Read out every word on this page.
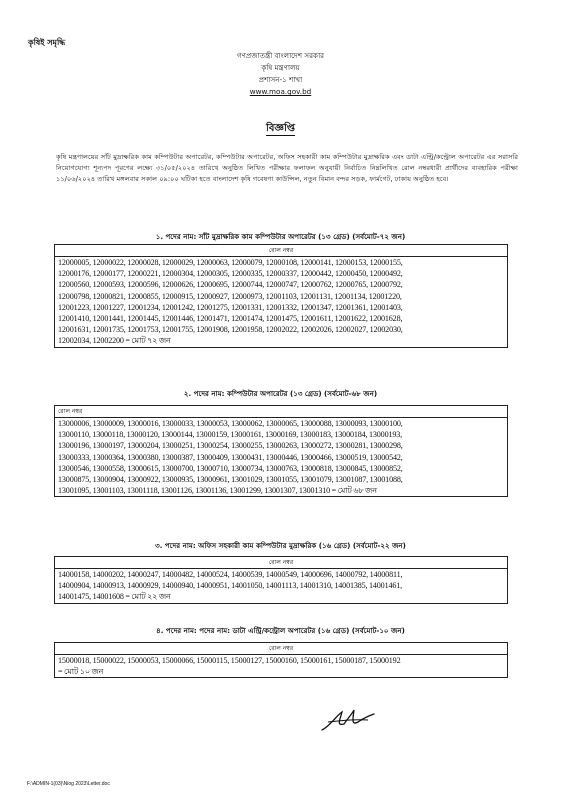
কৃষিই সমৃদ্ধি
গণপ্রজাতন্ত্রী বাংলাদেশ সরকার
কৃষি মন্ত্রণালয়
প্রশাসন-১ শাখা
www.moa.gov.bd
বিজ্ঞপ্তি
কৃষি মন্ত্রণালয়ের সাঁট মুদ্রাক্ষরিক কাম কম্পিউটার অপারেটর, কম্পিউটার অপারেটর, অফিস সহকারী কাম কম্পিউটার মুদ্রাক্ষরিক এবং ডাটা এন্ট্রি/কন্ট্রোল অপারেটর এর সরাসরি নিয়োগযোগ্য শূন্যপদ পূরণের লক্ষ্যে ৩১/০৫/২০২৪ তারিখে অনুষ্ঠিত লিখিত পরীক্ষার ফলাফল অনুযায়ী নির্বাচিত নিম্নলিখিত রোল নম্বরধারী প্রার্থীদের ব্যবহারিক পরীক্ষা ১১/০৬/২০২৪ তারিখ মঙ্গলবার সকাল ০৯:০০ ঘটিকা হতে বাংলাদেশ কৃষি গবেষণা কাউন্সিল, নতুন বিমান বন্দর সড়ক, ফার্মগেট, ঢাকায় অনুষ্ঠিত হবে।
১. পদের নাম: সাঁট মুদ্রাক্ষরিক কাম কম্পিউটার অপারেটর (১৩ গ্রেড) (সর্বমোট-৭২ জন)
রোল নম্বর

12000005, 12000022, 12000028, 12000029, 12000063, 12000079, 12000108, 12000141, 12000153, 12000155,
12000176, 12000177, 12000221, 12000304, 12000305, 12000335, 12000337, 12000442, 12000450, 12000492,
12000560, 12000593, 12000596, 12000626, 12000695, 12000744, 12000747, 12000762, 12000765, 12000792,
12000798, 12000821, 12000855, 12000915, 12000927, 12000973, 12001103, 12001131, 12001134, 12001220,
12001223, 12001227, 12001234, 12001242, 12001275, 12001331, 12001332, 12001347, 12001361, 12001403,
12001410, 12001441, 12001445, 12001446, 12001471, 12001474, 12001475, 12001611, 12001622, 12001628,
12001631, 12001735, 12001753, 12001755, 12001908, 12001958, 12002022, 12002026, 12002027, 12002030,
12002034, 12002200 = মোট ৭২ জন
২. পদের নাম: কম্পিউটার অপারেটর (১৩ গ্রেড) (সর্বমোট-৬৮ জন)
রোল নম্বর

13000006, 13000009, 13000016, 13000033, 13000053, 13000062, 13000065, 13000088, 13000093, 13000100,
13000110, 13000118, 13000120, 13000144, 13000159, 13000161, 13000169, 13000183, 13000184, 13000193,
13000196, 13000197, 13000204, 13000251, 13000254, 13000255, 13000263, 13000272, 13000281, 13000298,
13000333, 13000364, 13000380, 13000387, 13000409, 13000431, 13000446, 13000466, 13000519, 13000542,
13000546, 13000558, 13000615, 13000700, 13000710, 13000734, 13000763, 13000818, 13000845, 13000852,
13000875, 13000904, 13000922, 13000935, 13000961, 13001029, 13001055, 13001079, 13001087, 13001088,
13001095, 13001103, 13001118, 13001126, 13001136, 13001299, 13001307, 13001310 = মোট ৬৮ জন
৩. পদের নাম: অফিস সহকারী কাম কম্পিউটার মুদ্রাক্ষরিক (১৬ গ্রেড) (সর্বমোট-২২ জন)
রোল নম্বর

14000158, 14000202, 14000247, 14000482, 14000524, 14000539, 14000549, 14000696, 14000792, 14000811,
14000904, 14000913, 14000929, 14000940, 14000951, 14001050, 14001113, 14001310, 14001385, 14001461,
14001475, 14001608 = মোট ২২ জন
৪. পদের নাম: পদের নাম: ডাটা এন্ট্রি/কন্ট্রোল অপারেটর (১৬ গ্রেড) (সর্বমোট-১০ জন)
রোল নম্বর

15000018, 15000022, 15000053, 15000066, 15000115, 15000127, 15000160, 15000161, 15000187, 15000192
= মোট ১০ জন
F:\ADMIN-1(03)\Niog 2023\Letter.doc
